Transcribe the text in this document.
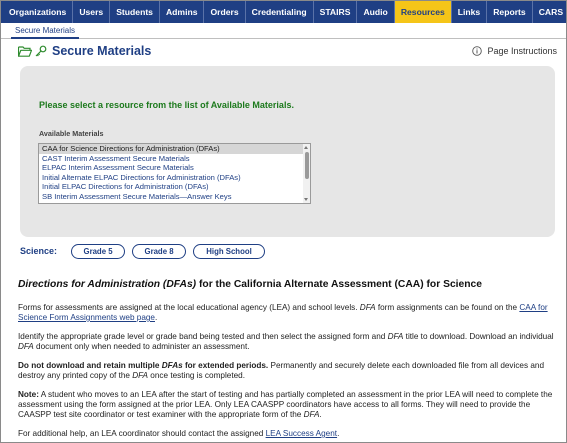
Organizations	Users	Students	Admins	Orders	Credentialing	STAIRS	Audio	Resources	Links	Reports	CARS
Secure Materials
Secure Materials	Page Instructions
Please select a resource from the list of Available Materials.
Available Materials
CAA for Science Directions for Administration (DFAs)
CAST Interim Assessment Secure Materials
ELPAC Interim Assessment Secure Materials
Initial Alternate ELPAC Directions for Administration (DFAs)
Initial ELPAC Directions for Administration (DFAs)
SB Interim Assessment Secure Materials—Answer Keys
Science:	Grade 5	Grade 8	High School
Directions for Administration (DFAs) for the California Alternate Assessment (CAA) for Science

Forms for assessments are assigned at the local educational agency (LEA) and school levels. DFA form assignments can be found on the CAA for Science Form Assignments web page.

Identify the appropriate grade level or grade band being tested and then select the assigned form and DFA title to download. Download an individual DFA document only when needed to administer an assessment.

Do not download and retain multiple DFAs for extended periods. Permanently and securely delete each downloaded file from all devices and destroy any printed copy of the DFA once testing is completed.

Note: A student who moves to an LEA after the start of testing and has partially completed an assessment in the prior LEA will need to complete the assessment using the form assigned at the prior LEA. Only LEA CAASPP coordinators have access to all forms. They will need to provide the CAASPP test site coordinator or test examiner with the appropriate form of the DFA.

For additional help, an LEA coordinator should contact the assigned LEA Success Agent.
